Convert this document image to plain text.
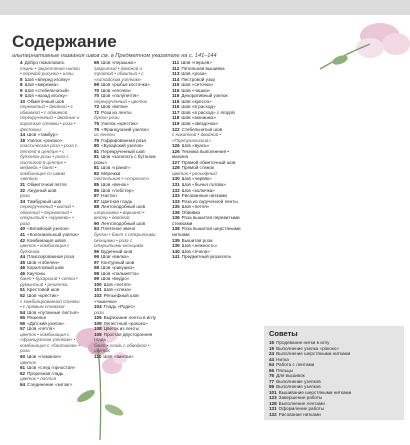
Содержание
альтернативные названия швов см. в Предметном указателе на с. 141–144
4 Добро пожаловать
ткань • закрепление нитки • перевод рисунка • иглы
8 Шов «вперед иголку»
8 Шов «мережка»
9 Шов «стебельчатый»
9 Шов «назад иголку»
10 Обметочный шов
перевитый • двойной • с обвивкой • с обвивкой, перекрученный • двойные и короткие стежки • роза • фестоны
14 Шов «тамбур»
18 Узелок «рококо»
классическая роза • роза с петлей в центре • с бутоном розы • роза с пастилой в центре • медведь • бант • комбинация со швом «ветка»
31 Обметочная петля
32 Ажурный шов
роза
34 Тамбурный шов
перекрученный • витой • обвитый • перевитый • открытый • «кружево» • роза
40 «Китайский узелок»
41 «Колониальный узелок»
42 Комбинация швов
цветок • комбинация с бутоном
44 Плиссированная роза
45 Шов «гобелен»
46 Коралловый шов
46 Каучоны
бант • бухарский • сетка • румынский • решетка
51 Крестовой шов
52 Шов «крестик»
с комбинированной стежки • с прямым стежком
54 Шов «путанные листья»
55 Решелье
56 «Датский узелок»
57 Шов «петля»
цветок • комбинация с «французским узелком» • комбинация с «бантиком» • роза
60 Шов «ломаное»
цветок
61 Шов «след горностая»
62 Прорезная гладь
цветок • листья
64 Соединение «зигзаг»
65 Шов «перышко»
закрытый • двойной и тройной • обвитый • с «китайским узелком»
69 Шов «рыбья косточка»
70 Шов «елочка»
70 Шов «полупетля»
перекрученный • цветок
72 Шов «ветки»
72 Роза из ленты
бутон розы
75 Узелок «крестик»
76 «Французский узелок»
из ленты
79 Гофрированная роза
80 «Бухарский узелок»
81 Перекрученный шов
81 Шов «залатать с бутоном розы»
81 Шов «гранат»
82 Мережка
пастельная • «стрелит»
85 Шов «венок»
86 Шов «лобстер»
87 Настил
87 Цветная гладь
88 Лентоподобный шов
штриховка • вариант • ветер • двойной
90 Лентоподобный шов
93 Плетеное звено
бутон • бант с открытыми оконцами • роза с открытыми оконцами
96 Буденный шов
96 Шов «вилка»
97 Контурный шов
98 Шов «ракушка»
98 Шов «пальметта»
99 Шов «ведро»
100 Шов «петля»
101 Шов «слеза»
102 Рельефный шов «чашечка»
104 Гладь «Родес»
роза
106 Вырезание ленты в иглу
108 Лепестный «рококо»
108 Цветок из ленты
108 Простая двусторонняя гладь
бант • гладь с обводкой • цветок
110 Шов «винтан»
111 Шов «перьев»
112 Петельная вышивка
113 Шов «роза»
114 Пестровой узор
115 Шов «сеточка»
115 Шов «чашка»
116 Декоративный узелок
116 Шов «кресло»
116 Шов «в расход»
117 Шов «в расход» с ягодой
118 Шов «монашка»
119 Шов «звездочка»
122 Стебельчатый шов
с накаткой • двойной • «Португальский»
126 Шов «вуаль»
126 Техника выполнения • малина
127 Прямой обметочный шов
128 Прямой стежок
цветок • рельефный
130 Шов «червяк»
131 Шов «бычья голова»
132 Шов «колючка»
133 Рисованные нитками
133 Роза из скрученной ленты
135 Шов «петля»
136 Обвивка
136 Роза вышитая перевитыми стежками
138 Роза вышитая шерстяными нитками
139 Вышитая роза
139 Шов «нежность»
140 Шов «пчела»
141 Предметный указатель
Советы
16 Продевание нитки в иглу
19 Выполнение узелка «рококо»
24 Выполнение шерстяными нитками
44 Нитка
64 Работа с лентами
66 Пяльцы
76 Для вышивок
77 Выполнение узелков
99 Выполнение узелков
101 Вышивание шерстяными нитками
123 Завершение работы
128 Выполнение лентами
131 Оформление работы
132 Рисование нитками
